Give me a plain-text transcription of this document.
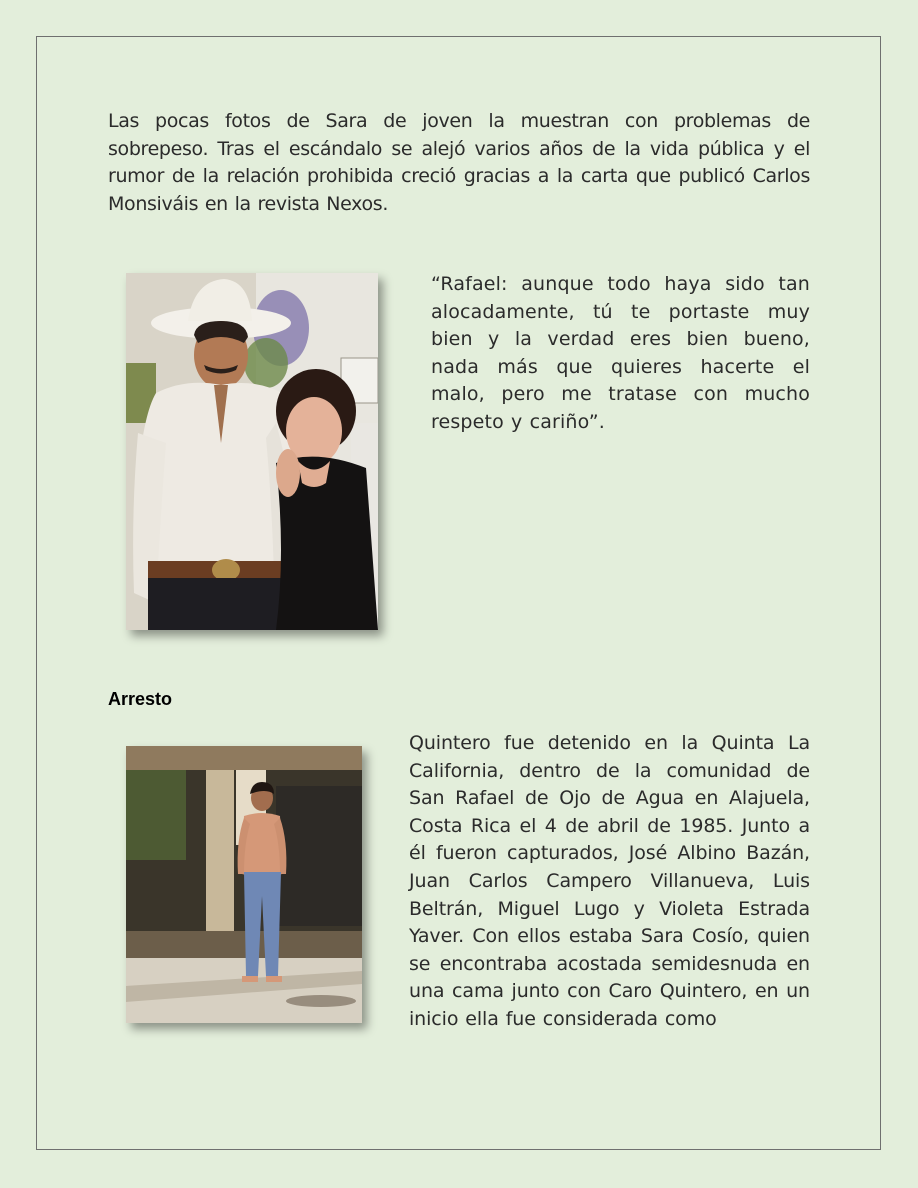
Las pocas fotos de Sara de joven la muestran con problemas de sobrepeso. Tras el escándalo se alejó varios años de la vida pública y el rumor de la relación prohibida creció gracias a la carta que publicó Carlos Monsiváis en la revista Nexos.

“Rafael: aunque todo haya sido tan alocadamente, tú te portaste muy bien y la verdad eres bien bueno, nada más que quieres hacerte el malo, pero me tratase con mucho respeto y cariño”.

Arresto

Quintero fue detenido en la Quinta La California, dentro de la comunidad de San Rafael de Ojo de Agua en Alajuela, Costa Rica el 4 de abril de 1985. Junto a él fueron capturados, José Albino Bazán, Juan Carlos Campero Villanueva, Luis Beltrán, Miguel Lugo y Violeta Estrada Yaver. Con ellos estaba Sara Cosío, quien se encontraba acostada semidesnuda en una cama junto con Caro Quintero, en un inicio ella fue considerada como
